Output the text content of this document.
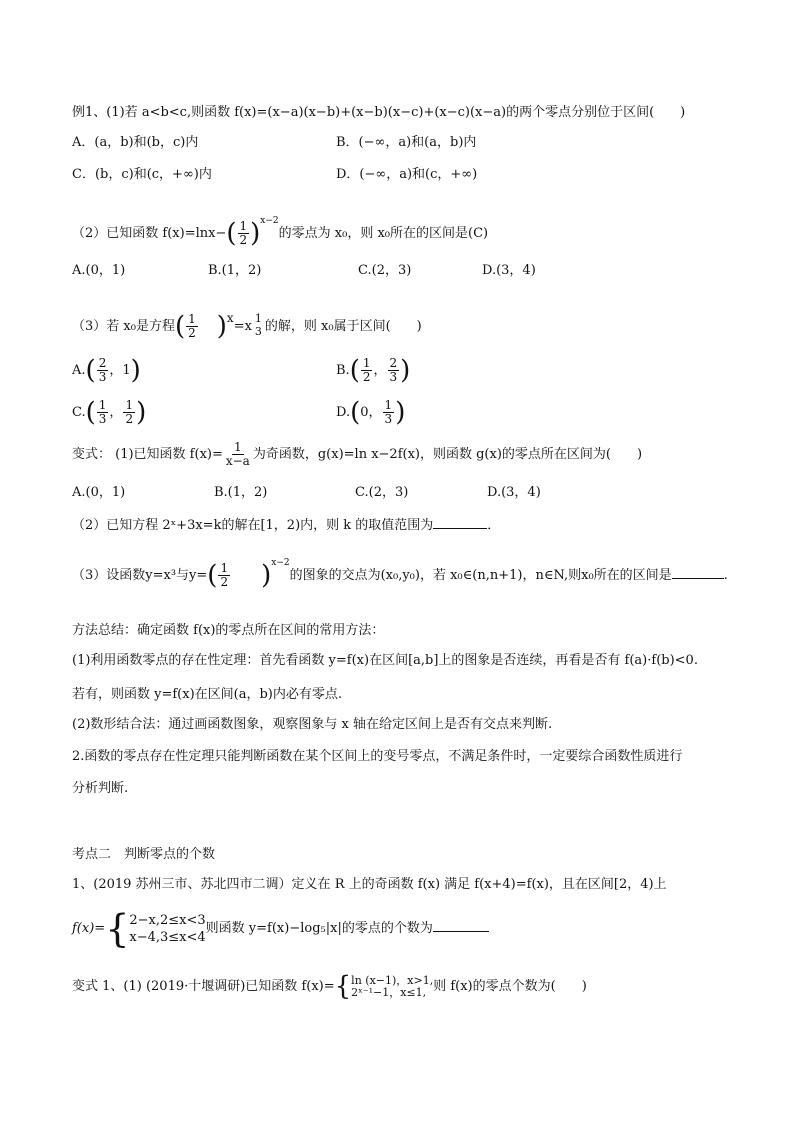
例1、(1)若 a<b<c,则函数 f(x)=(x−a)(x−b)+(x−b)(x−c)+(x−c)(x−a)的两个零点分别位于区间(　　)
A．(a，b)和(b，c)内	B．(−∞，a)和(a，b)内
C．(b，c)和(c，+∞)内	D．(−∞，a)和(c，+∞)
（2）已知函数 $f(x)=\ln x-( \frac{1}{2} )^{x-2}$的零点为 x₀，则 x₀所在的区间是(C)
A.(0，1)	B.(1，2)	C.(2，3)	D.(3，4)
（3）若 x₀是方程( $\frac{1}{2} )^x=x$
1
3 的解，则 x₀属于区间(　　)
$A.( \frac{2}{3}$ ，1)	$B.( \frac{1}{2}$ ， $\frac{2}{3}$ )
$C.( \frac{1}{3}$ ， $\frac{1}{2}$ )	D.(0， $\frac{1}{3}$ )
变式： (1)已知函数 $f(x)= \frac{1}{x-a}$ 为奇函数，g(x)=ln x−2f(x)，则函数 g(x)的零点所在区间为(　　)
A.(0，1)	B.(1，2)	C.(2，3)	D.(3，4)
（2）已知方程 2ˣ+3x=k的解在[1，2)内，则 k 的取值范围为	．
（3）设函数y=x³与$y=( \frac{1}{2} )^{x-2}$的图象的交点为(x₀,y₀)，若 x₀∈(n,n+1)，n∈N,则x₀所在的区间是	.
方法总结：确定函数 f(x)的零点所在区间的常用方法：
(1)利用函数零点的存在性定理：首先看函数 y=f(x)在区间[a,b]上的图象是否连续，再看是否有 f(a)·f(b)<0.
若有，则函数 y=f(x)在区间(a，b)内必有零点.
(2)数形结合法：通过画函数图象，观察图象与 x 轴在给定区间上是否有交点来判断.
2.函数的零点存在性定理只能判断函数在某个区间上的变号零点，不满足条件时，一定要综合函数性质进行
分析判断.
考点二　判断零点的个数
1、(2019 苏州三市、苏北四市二调）定义在 R 上的奇函数 f(x) 满足 f(x+4)=f(x)，且在区间[2，4)上
f(x)={ 2−x,2≤x<3
x−4,3≤x<4
则函数 y=f(x)−log₅|x|的零点的个数为
变式 1、(1) (2019·十堰调研)已知函数 f(x)={ ln (x−1)，x>1,
2ˣ⁻¹−1，x≤1, 则 f(x)的零点个数为(　　)
